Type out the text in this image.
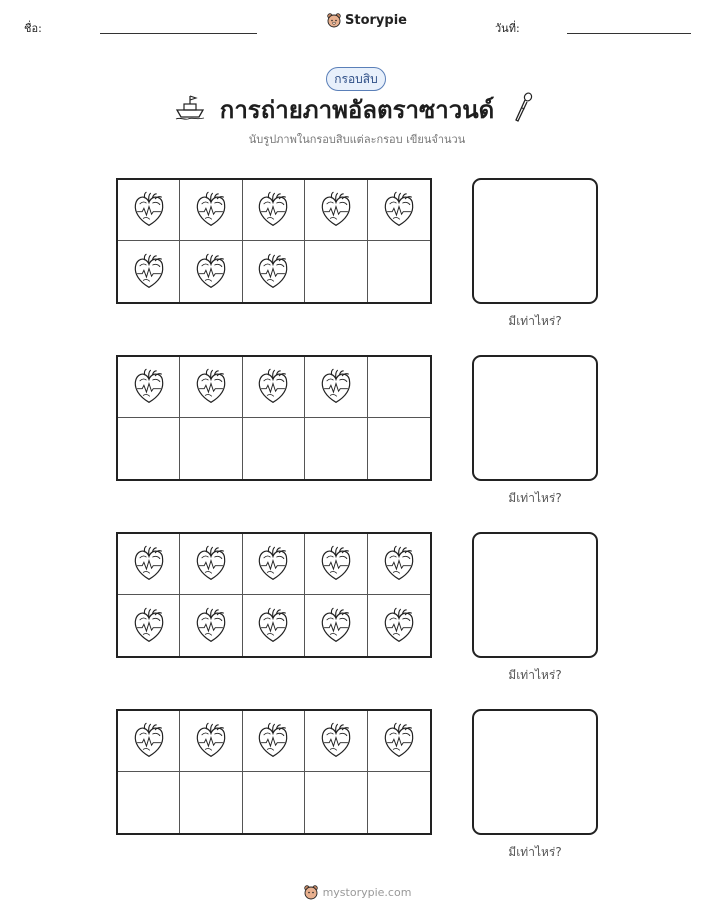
ชื่อ:
Storypie
วันที่:
กรอบสิบ
การถ่ายภาพอัลตราซาวนด์
นับรูปภาพในกรอบสิบแต่ละกรอบ เขียนจำนวน
มีเท่าไหร่?
มีเท่าไหร่?
มีเท่าไหร่?
มีเท่าไหร่?
mystorypie.com
